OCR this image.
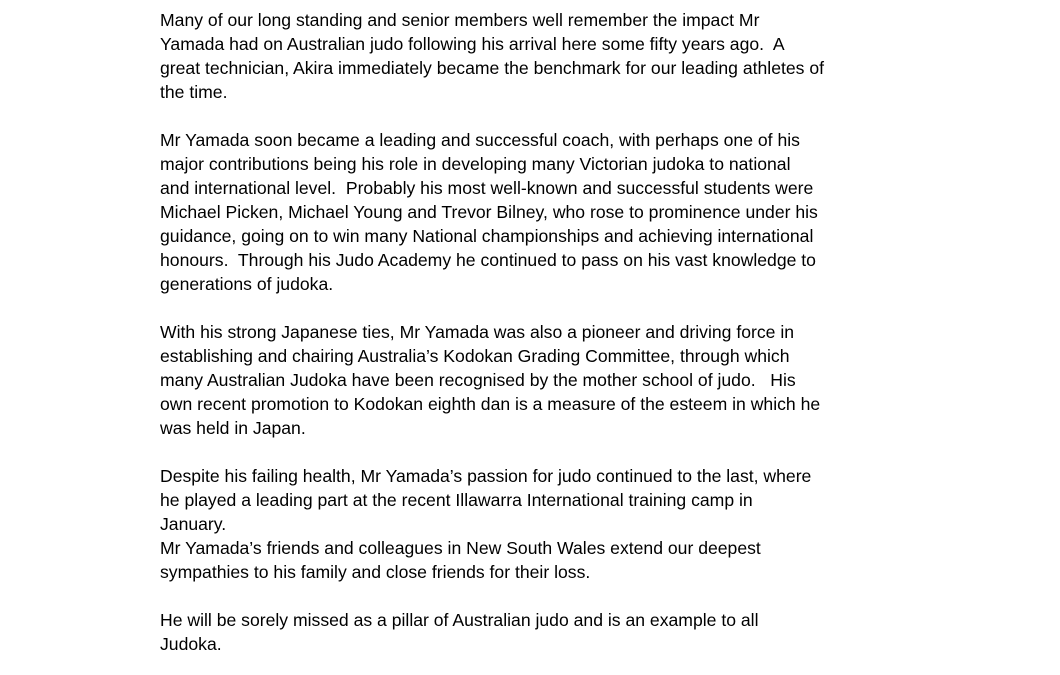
Many of our long standing and senior members well remember the impact Mr
Yamada had on Australian judo following his arrival here some fifty years ago.  A
great technician, Akira immediately became the benchmark for our leading athletes of
the time.
Mr Yamada soon became a leading and successful coach, with perhaps one of his
major contributions being his role in developing many Victorian judoka to national
and international level.  Probably his most well-known and successful students were
Michael Picken, Michael Young and Trevor Bilney, who rose to prominence under his
guidance, going on to win many National championships and achieving international
honours.  Through his Judo Academy he continued to pass on his vast knowledge to
generations of judoka.
With his strong Japanese ties, Mr Yamada was also a pioneer and driving force in
establishing and chairing Australia’s Kodokan Grading Committee, through which
many Australian Judoka have been recognised by the mother school of judo.   His
own recent promotion to Kodokan eighth dan is a measure of the esteem in which he
was held in Japan.
Despite his failing health, Mr Yamada’s passion for judo continued to the last, where
he played a leading part at the recent Illawarra International training camp in
January.
Mr Yamada’s friends and colleagues in New South Wales extend our deepest
sympathies to his family and close friends for their loss.
He will be sorely missed as a pillar of Australian judo and is an example to all
Judoka.
